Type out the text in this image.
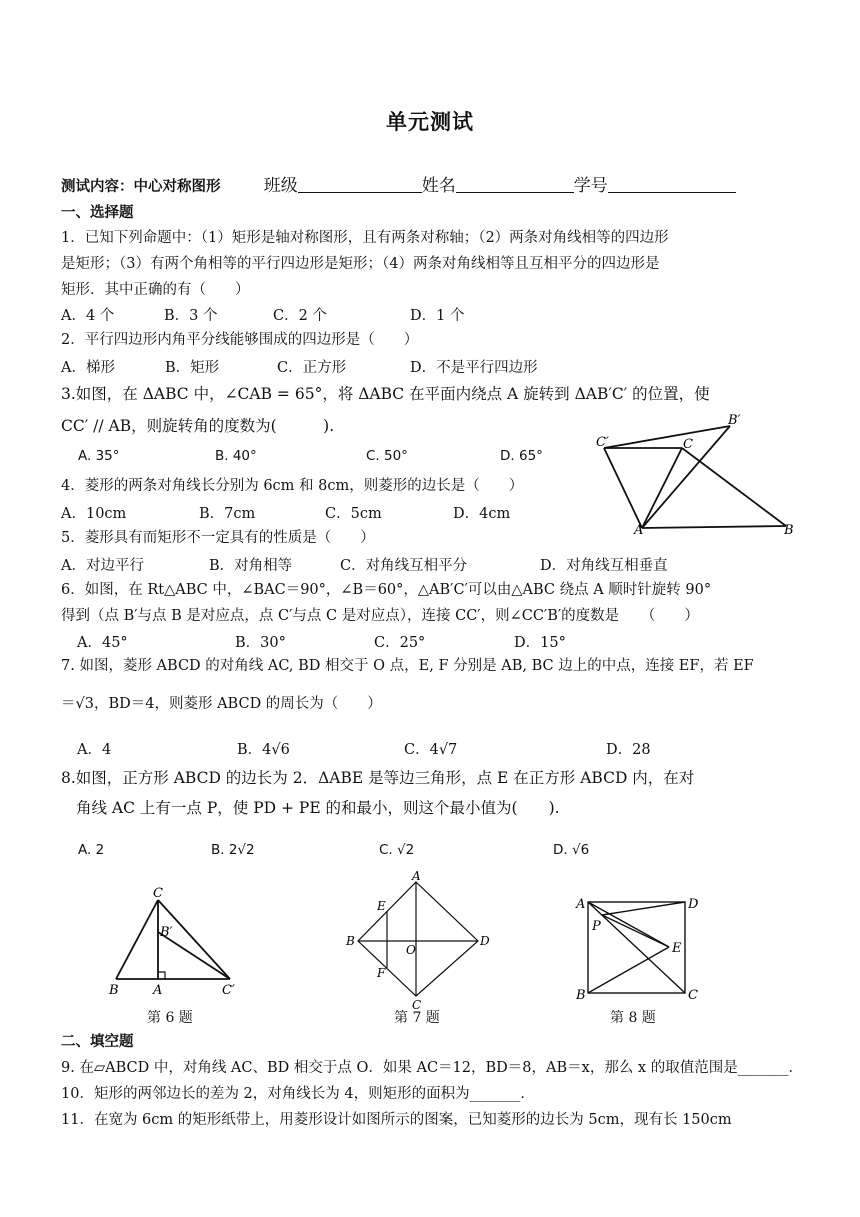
单元测试
测试内容：中心对称图形	班级	姓名	学号
一、选择题
1．已知下列命题中：（1）矩形是轴对称图形，且有两条对称轴；（2）两条对角线相等的四边形
是矩形；（3）有两个角相等的平行四边形是矩形；（4）两条对角线相等且互相平分的四边形是
矩形．其中正确的有（　　）
A．4 个	B．3 个	C．2 个	D．1 个
2．平行四边形内角平分线能够围成的四边形是（　　）
A．梯形	B．矩形	C．正方形	D．不是平行四边形
3.如图，在 ΔABC 中，∠CAB = 65°，将 ΔABC 在平面内绕点 A 旋转到 ΔAB′C′ 的位置，使
CC′ // AB，则旋转角的度数为(　　　).
A. 35°	B. 40°	C. 50°	D. 65°
A	B
C
B′
C′
4．菱形的两条对角线长分别为 6cm 和 8cm，则菱形的边长是（　　）
A．10cm	B．7cm	C．5cm	D．4cm
5．菱形具有而矩形不一定具有的性质是（　　）
A．对边平行	B．对角相等	C．对角线互相平分	D．对角线互相垂直
6．如图，在 Rt△ABC 中，∠BAC＝90°，∠B＝60°，△AB′C′可以由△ABC 绕点 A 顺时针旋转 90°
得到（点 B′与点 B 是对应点，点 C′与点 C 是对应点），连接 CC′，则∠CC′B′的度数是　　（　　）
A．45°	B．30°	C．25°	D．15°
7. 如图，菱形 ABCD 的对角线 AC, BD 相交于 O 点，E, F 分别是 AB, BC 边上的中点，连接 EF，若 EF
＝√3，BD＝4，则菱形 ABCD 的周长为（　　）
A．4	B．4√6	C．4√7	D．28
8.如图，正方形 ABCD 的边长为 2．ΔABE 是等边三角形，点 E 在正方形 ABCD 内，在对
角线 AC 上有一点 P，使 PD + PE 的和最小，则这个最小值为(　　).
A. 2	B. 2√2	C. √2	D. √6
C
B′
A
B	C′
第 6 题
A
B
C
D
E
F
O
第 7 题
A
B	C
D
E
P
第 8 题
二、填空题
9. 在▱ABCD 中，对角线 AC、BD 相交于点 O．如果 AC＝12，BD＝8，AB＝x，那么 x 的取值范围是_______．
10．矩形的两邻边长的差为 2，对角线长为 4，则矩形的面积为_______．
11．在宽为 6cm 的矩形纸带上，用菱形设计如图所示的图案，已知菱形的边长为 5cm，现有长 150cm
